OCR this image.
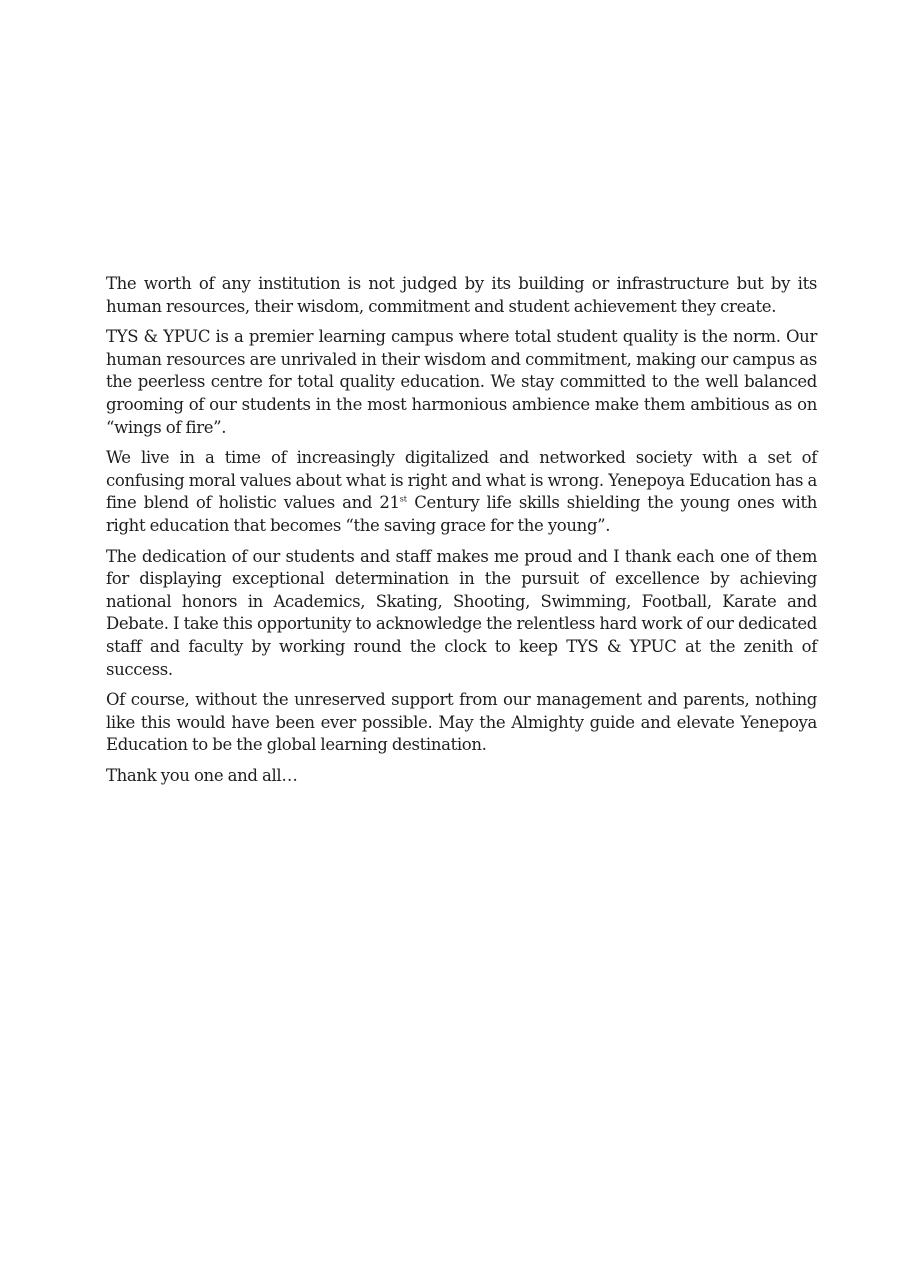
The worth of any institution is not judged by its building or infrastructure but by its human resources, their wisdom, commitment and student achievement they create.

TYS & YPUC is a premier learning campus where total student quality is the norm. Our human resources are unrivaled in their wisdom and commitment, making our campus as the peerless centre for total quality education. We stay committed to the well balanced grooming of our students in the most harmonious ambience make them ambitious as on “wings of fire”.

We live in a time of increasingly digitalized and networked society with a set of confusing moral values about what is right and what is wrong. Yenepoya Education has a fine blend of holistic values and 21st Century life skills shielding the young ones with right education that becomes “the saving grace for the young”.

The dedication of our students and staff makes me proud and I thank each one of them for displaying exceptional determination in the pursuit of excellence by achieving national honors in Academics, Skating, Shooting, Swimming, Football, Karate and Debate. I take this opportunity to acknowledge the relentless hard work of our dedicated staff and faculty by working round the clock to keep TYS & YPUC at the zenith of success.

Of course, without the unreserved support from our management and parents, nothing like this would have been ever possible. May the Almighty guide and elevate Yenepoya Education to be the global learning destination.

Thank you one and all…
